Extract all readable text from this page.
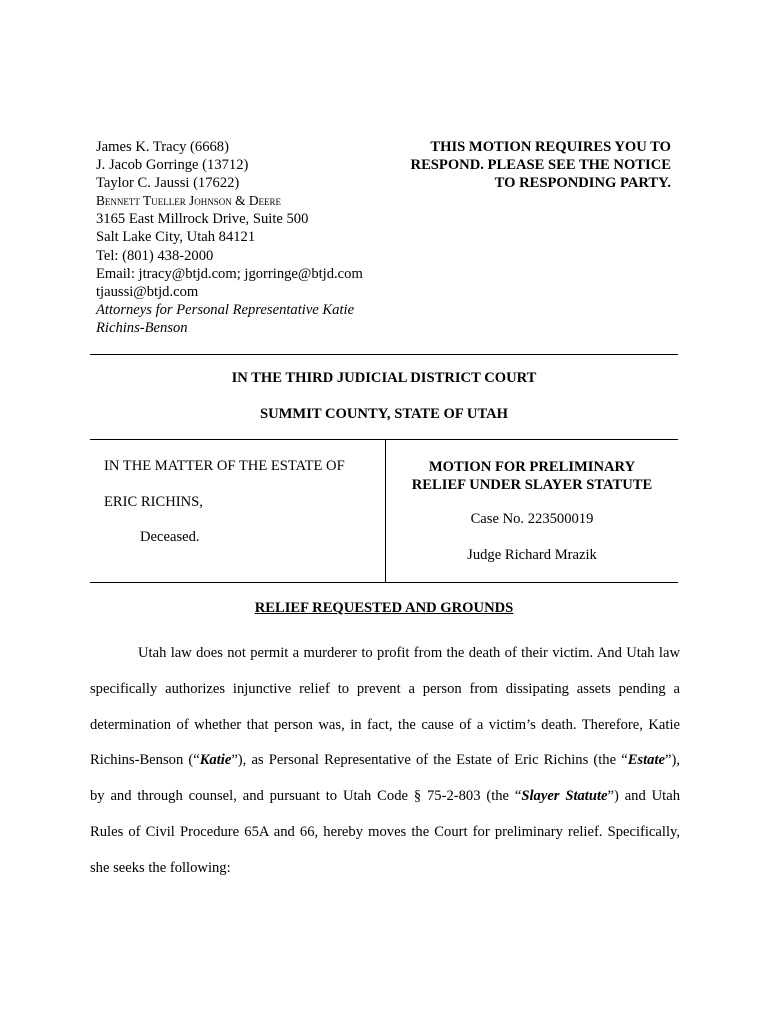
James K. Tracy (6668)
J. Jacob Gorringe (13712)
Taylor C. Jaussi (17622)
Bennett Tueller Johnson & Deere
3165 East Millrock Drive, Suite 500
Salt Lake City, Utah 84121
Tel: (801) 438-2000
Email: jtracy@btjd.com; jgorringe@btjd.com
tjaussi@btjd.com
Attorneys for Personal Representative Katie Richins-Benson
THIS MOTION REQUIRES YOU TO
RESPOND. PLEASE SEE THE NOTICE
TO RESPONDING PARTY.
IN THE THIRD JUDICIAL DISTRICT COURT
SUMMIT COUNTY, STATE OF UTAH
IN THE MATTER OF THE ESTATE OF
ERIC RICHINS,
Deceased.
MOTION FOR PRELIMINARY
RELIEF UNDER SLAYER STATUTE
Case No. 223500019
Judge Richard Mrazik
RELIEF REQUESTED AND GROUNDS

Utah law does not permit a murderer to profit from the death of their victim. And Utah law specifically authorizes injunctive relief to prevent a person from dissipating assets pending a determination of whether that person was, in fact, the cause of a victim’s death. Therefore, Katie Richins-Benson (“Katie”), as Personal Representative of the Estate of Eric Richins (the “Estate”), by and through counsel, and pursuant to Utah Code § 75-2-803 (the “Slayer Statute”) and Utah Rules of Civil Procedure 65A and 66, hereby moves the Court for preliminary relief. Specifically, she seeks the following:
